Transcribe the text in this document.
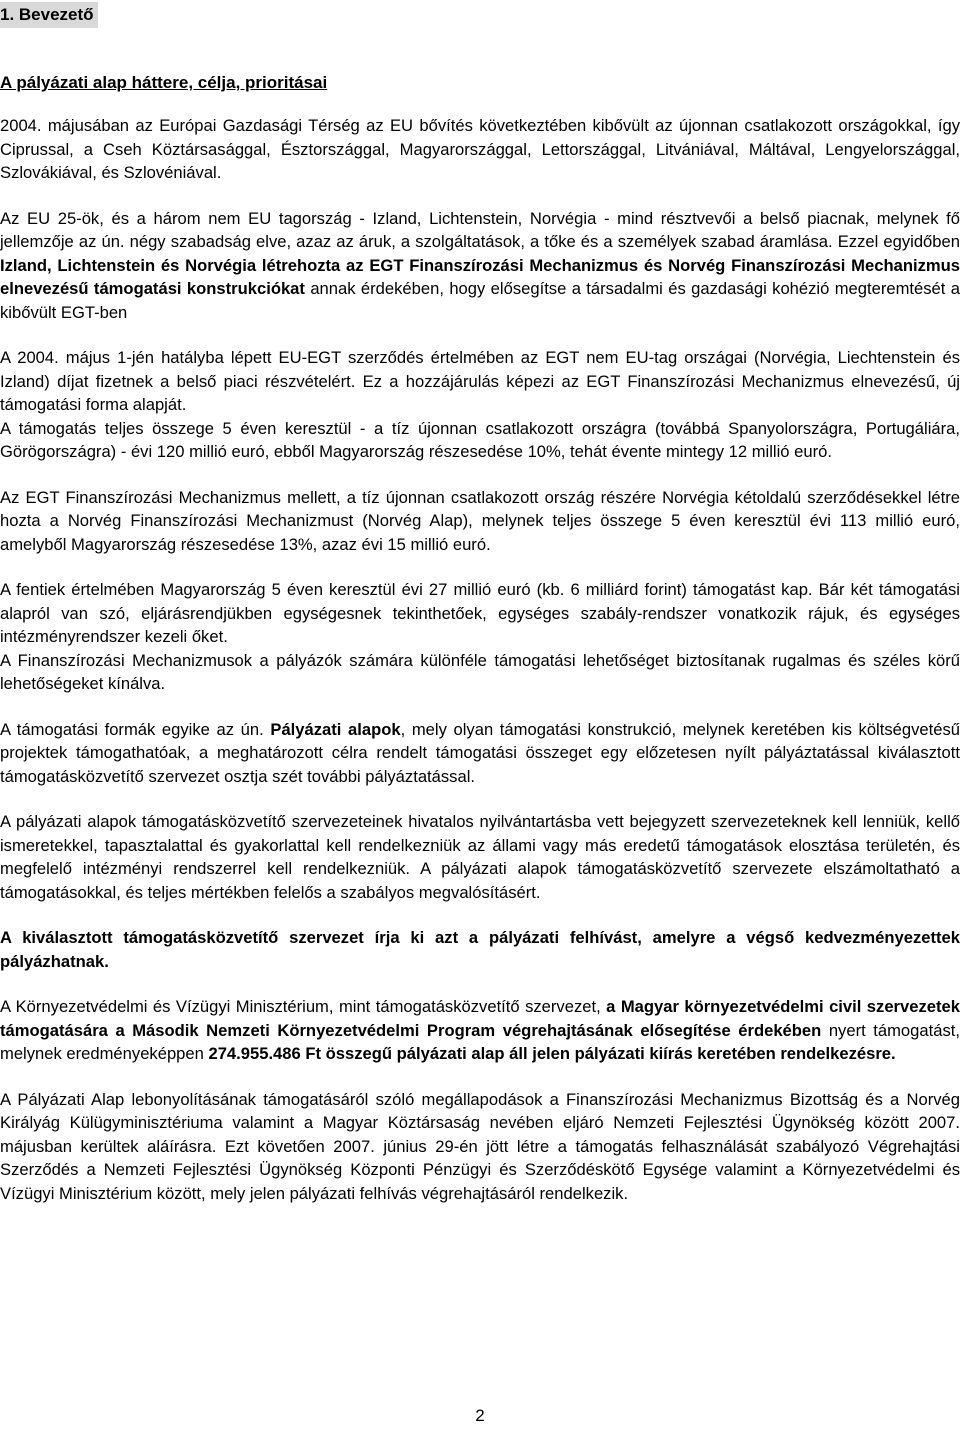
1. Bevezető
A pályázati alap háttere, célja, prioritásai

2004. májusában az Európai Gazdasági Térség az EU bővítés következtében kibővült az újonnan csatlakozott országokkal, így Ciprussal, a Cseh Köztársasággal, Észtországgal, Magyarországgal, Lettországgal, Litvániával, Máltával, Lengyelországgal, Szlovákiával, és Szlovéniával.

Az EU 25-ök, és a három nem EU tagország - Izland, Lichtenstein, Norvégia - mind résztvevői a belső piacnak, melynek fő jellemzője az ún. négy szabadság elve, azaz az áruk, a szolgáltatások, a tőke és a személyek szabad áramlása. Ezzel egyidőben Izland, Lichtenstein és Norvégia létrehozta az EGT Finanszírozási Mechanizmus és Norvég Finanszírozási Mechanizmus elnevezésű támogatási konstrukciókat annak érdekében, hogy elősegítse a társadalmi és gazdasági kohézió megteremtését a kibővült EGT-ben

A 2004. május 1-jén hatályba lépett EU-EGT szerződés értelmében az EGT nem EU-tag országai (Norvégia, Liechtenstein és Izland) díjat fizetnek a belső piaci részvételért. Ez a hozzájárulás képezi az EGT Finanszírozási Mechanizmus elnevezésű, új támogatási forma alapját.

A támogatás teljes összege 5 éven keresztül - a tíz újonnan csatlakozott országra (továbbá Spanyolországra, Portugáliára, Görögországra) - évi 120 millió euró, ebből Magyarország részesedése 10%, tehát évente mintegy 12 millió euró.

Az EGT Finanszírozási Mechanizmus mellett, a tíz újonnan csatlakozott ország részére Norvégia kétoldalú szerződésekkel létre hozta a Norvég Finanszírozási Mechanizmust (Norvég Alap), melynek teljes összege 5 éven keresztül évi 113 millió euró, amelyből Magyarország részesedése 13%, azaz évi 15 millió euró.

A fentiek értelmében Magyarország 5 éven keresztül évi 27 millió euró (kb. 6 milliárd forint) támogatást kap. Bár két támogatási alapról van szó, eljárásrendjükben egységesnek tekinthetőek, egységes szabály-rendszer vonatkozik rájuk, és egységes intézményrendszer kezeli őket.

A Finanszírozási Mechanizmusok a pályázók számára különféle támogatási lehetőséget biztosítanak rugalmas és széles körű lehetőségeket kínálva.

A támogatási formák egyike az ún. Pályázati alapok, mely olyan támogatási konstrukció, melynek keretében kis költségvetésű projektek támogathatóak, a meghatározott célra rendelt támogatási összeget egy előzetesen nyílt pályáztatással kiválasztott támogatásközvetítő szervezet osztja szét további pályáztatással.

A pályázati alapok támogatásközvetítő szervezeteinek hivatalos nyilvántartásba vett bejegyzett szervezeteknek kell lenniük, kellő ismeretekkel, tapasztalattal és gyakorlattal kell rendelkezniük az állami vagy más eredetű támogatások elosztása területén, és megfelelő intézményi rendszerrel kell rendelkezniük. A pályázati alapok támogatásközvetítő szervezete elszámoltatható a támogatásokkal, és teljes mértékben felelős a szabályos megvalósításért.

A kiválasztott támogatásközvetítő szervezet írja ki azt a pályázati felhívást, amelyre a végső kedvezményezettek pályázhatnak.

A Környezetvédelmi és Vízügyi Minisztérium, mint támogatásközvetítő szervezet, a Magyar környezetvédelmi civil szervezetek támogatására a Második Nemzeti Környezetvédelmi Program végrehajtásának elősegítése érdekében nyert támogatást, melynek eredményeképpen 274.955.486 Ft összegű pályázati alap áll jelen pályázati kiírás keretében rendelkezésre.

A Pályázati Alap lebonyolításának támogatásáról szóló megállapodások a Finanszírozási Mechanizmus Bizottság és a Norvég Királyág Külügyminisztériuma valamint a Magyar Köztársaság nevében eljáró Nemzeti Fejlesztési Ügynökség között 2007. májusban kerültek aláírásra. Ezt követően 2007. június 29-én jött létre a támogatás felhasználását szabályozó Végrehajtási Szerződés a Nemzeti Fejlesztési Ügynökség Központi Pénzügyi és Szerződéskötő Egysége valamint a Környezetvédelmi és Vízügyi Minisztérium között, mely jelen pályázati felhívás végrehajtásáról rendelkezik.

2
